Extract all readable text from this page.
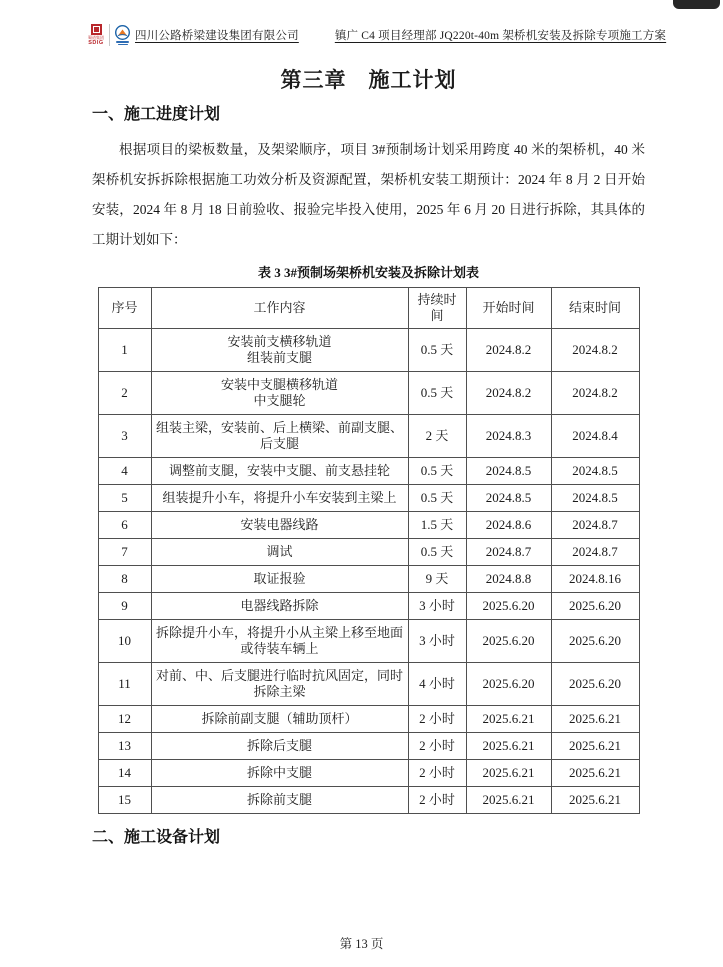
蜀道集团
SDIG
四川公路桥梁建设集团有限公司	镇广 C4 项目经理部 JQ220t-40m 架桥机安装及拆除专项施工方案
第三章　施工计划
一、施工进度计划

根据项目的梁板数量，及架梁顺序，项目 3#预制场计划采用跨度 40 米的架桥机，40 米架桥机安拆拆除根据施工功效分析及资源配置，架桥机安装工期预计：2024 年 8 月 2 日开始安装，2024 年 8 月 18 日前验收、报验完毕投入使用，2025 年 6 月 20 日进行拆除，其具体的工期计划如下：

表 3 3#预制场架桥机安装及拆除计划表
序号	工作内容	持续时间	开始时间	结束时间
1	安装前支横移轨道
组装前支腿	0.5 天	2024.8.2	2024.8.2
2	安装中支腿横移轨道
中支腿轮	0.5 天	2024.8.2	2024.8.2
3	组装主梁，安装前、后上横梁、前副支腿、
后支腿	2 天	2024.8.3	2024.8.4
4	调整前支腿，安装中支腿、前支悬挂轮	0.5 天	2024.8.5	2024.8.5
5	组装提升小车，将提升小车安装到主梁上	0.5 天	2024.8.5	2024.8.5
6	安装电器线路	1.5 天	2024.8.6	2024.8.7
7	调试	0.5 天	2024.8.7	2024.8.7
8	取证报验	9 天	2024.8.8	2024.8.16
9	电器线路拆除	3 小时	2025.6.20	2025.6.20
10	拆除提升小车，将提升小从主梁上移至地面
或待装车辆上	3 小时	2025.6.20	2025.6.20
11	对前、中、后支腿进行临时抗风固定，同时
拆除主梁	4 小时	2025.6.20	2025.6.20
12	拆除前副支腿（辅助顶杆）	2 小时	2025.6.21	2025.6.21
13	拆除后支腿	2 小时	2025.6.21	2025.6.21
14	拆除中支腿	2 小时	2025.6.21	2025.6.21
15	拆除前支腿	2 小时	2025.6.21	2025.6.21
二、施工设备计划
第 13 页
